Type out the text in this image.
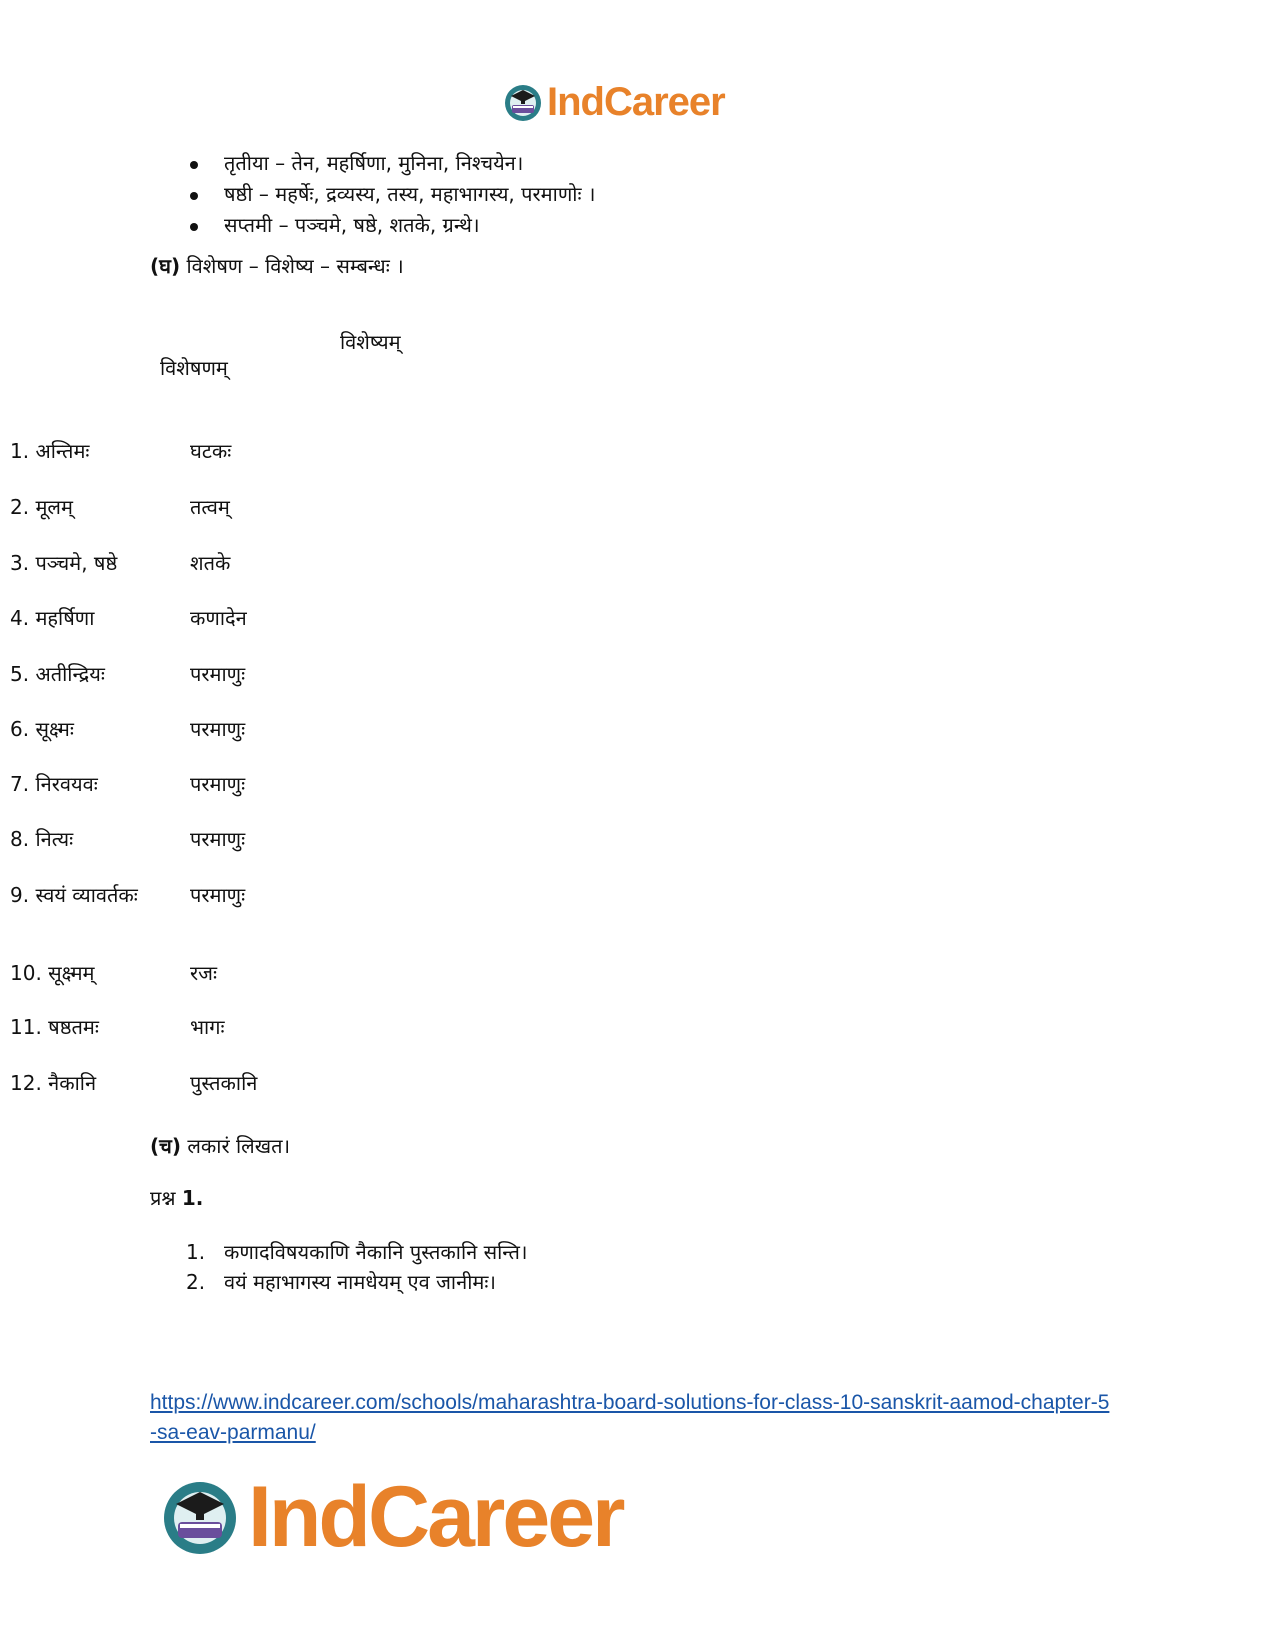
IndCareer
तृतीया – तेन, महर्षिणा, मुनिना, निश्चयेन।
षष्ठी – महर्षेः, द्रव्यस्य, तस्य, महाभागस्य, परमाणोः ।
सप्तमी – पञ्चमे, षष्ठे, शतके, ग्रन्थे।
(घ) विशेषण – विशेष्य – सम्बन्धः ।
विशेषणम्
विशेष्यम्
1. अन्तिमः	घटकः
2. मूलम्	तत्वम्
3. पञ्चमे, षष्ठे	शतके
4. महर्षिणा	कणादेन
5. अतीन्द्रियः	परमाणुः
6. सूक्ष्मः	परमाणुः
7. निरवयवः	परमाणुः
8. नित्यः	परमाणुः
9. स्वयं व्यावर्तकः	परमाणुः
10. सूक्ष्मम्	रजः
11. षष्ठतमः	भागः
12. नैकानि	पुस्तकानि
(च) लकारं लिखत।
प्रश्न 1.
1. कणादविषयकाणि नैकानि पुस्तकानि सन्ति।
2. वयं महाभागस्य नामधेयम् एव जानीमः।
https://www.indcareer.com/schools/maharashtra-board-solutions-for-class-10-sanskrit-aamod-chapter-5-sa-eav-parmanu/
IndCareer
